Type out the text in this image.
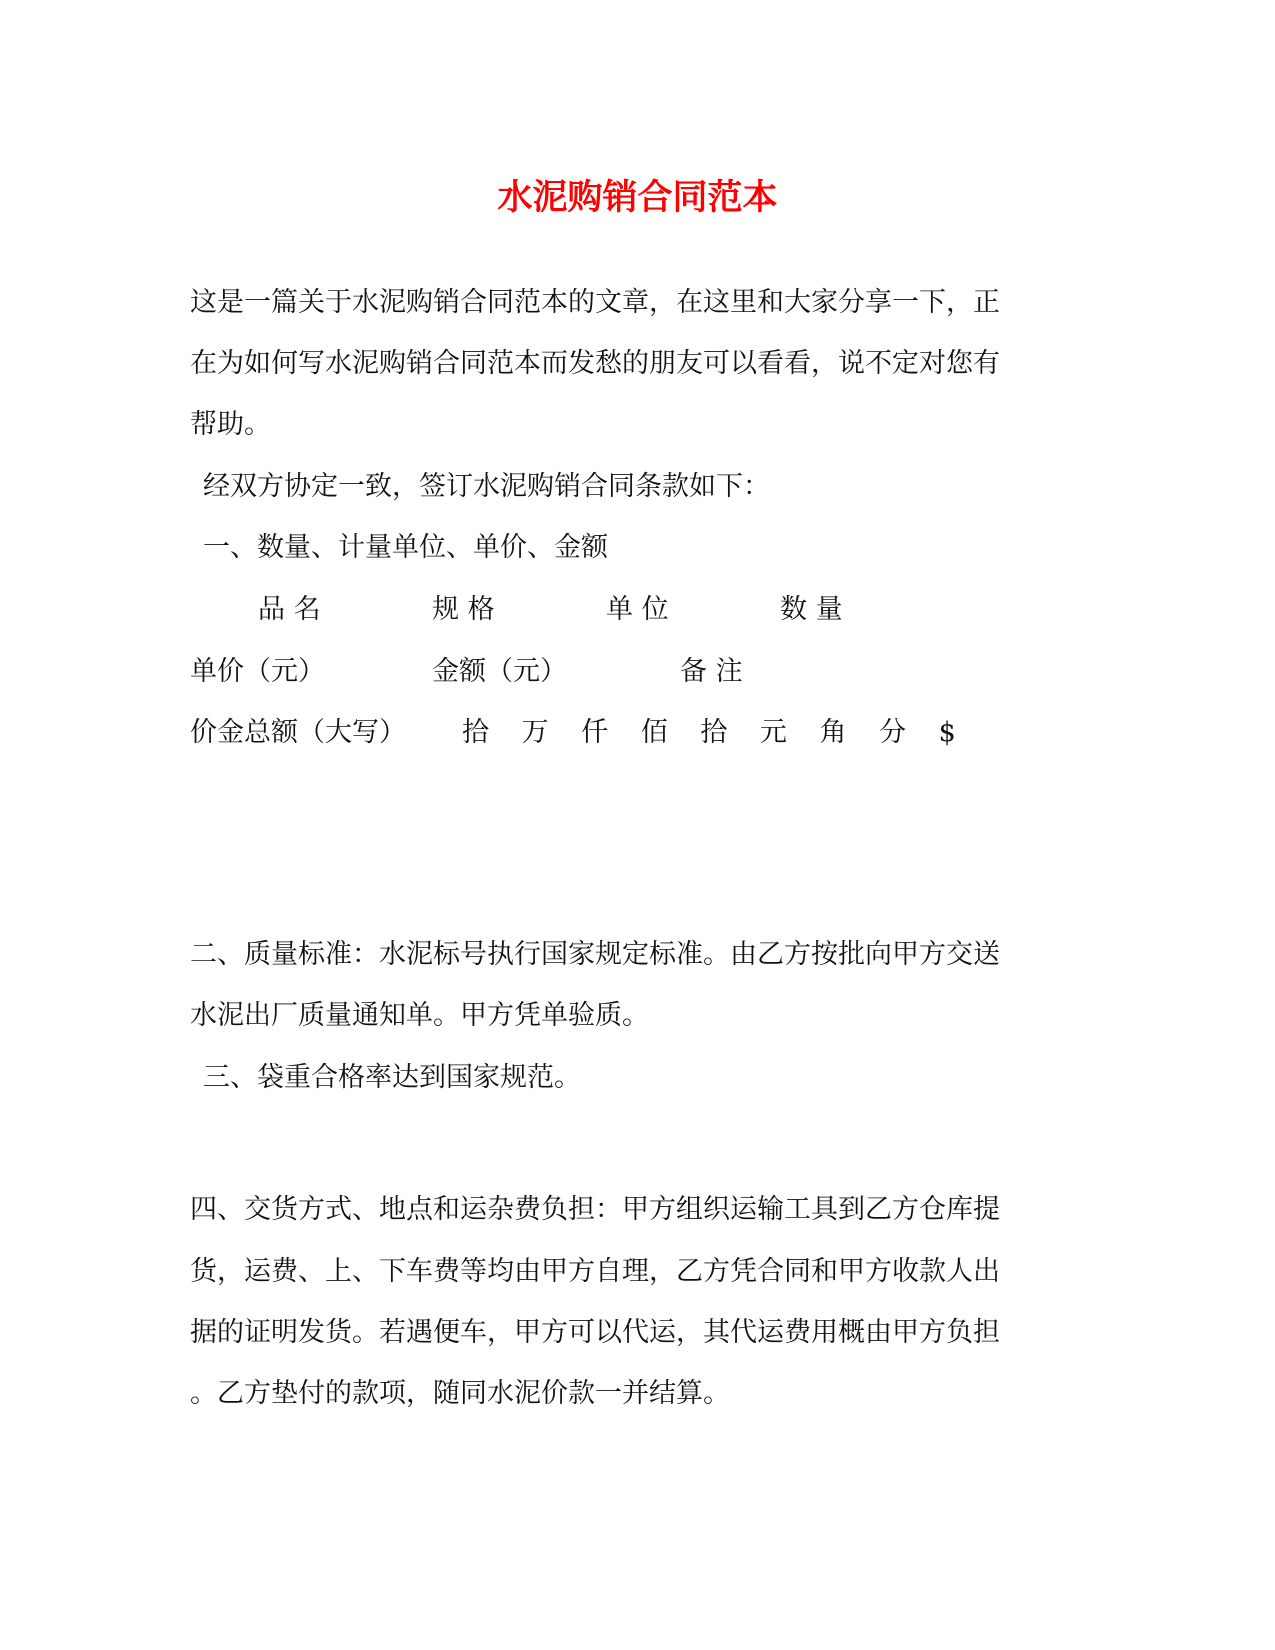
水泥购销合同范本
这是一篇关于水泥购销合同范本的文章，在这里和大家分享一下，正
在为如何写水泥购销合同范本而发愁的朋友可以看看，说不定对您有
帮助。
经双方协定一致，签订水泥购销合同条款如下：
一、数量、计量单位、单价、金额
品 名	规 格	单 位	数 量
单价（元）	金额（元）	备 注
价金总额（大写） 拾 万 仟 佰 拾 元 角 分 $
二、质量标准：水泥标号执行国家规定标准。由乙方按批向甲方交送
水泥出厂质量通知单。甲方凭单验质。
三、袋重合格率达到国家规范。
四、交货方式、地点和运杂费负担：甲方组织运输工具到乙方仓库提
货，运费、上、下车费等均由甲方自理，乙方凭合同和甲方收款人出
据的证明发货。若遇便车，甲方可以代运，其代运费用概由甲方负担
。乙方垫付的款项，随同水泥价款一并结算。
